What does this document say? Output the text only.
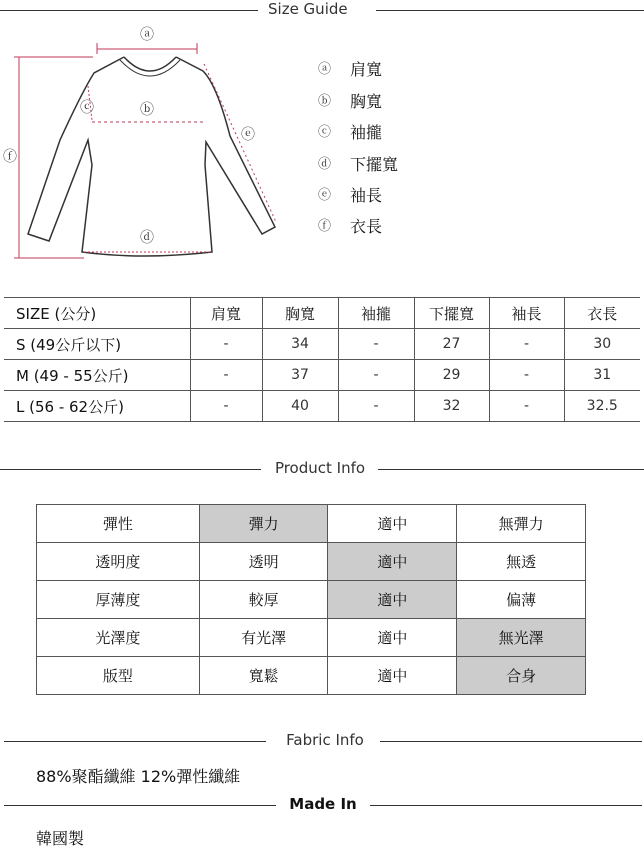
Size Guide
ⓐ
ⓑ
ⓒ
ⓓ
ⓔ
ⓕ
ⓐ 肩寬
ⓑ 胸寬
ⓒ 袖攏
ⓓ 下擺寬
ⓔ 袖長
ⓕ 衣長
SIZE (公分)	肩寬	胸寬	袖攏	下擺寬	袖長	衣長
S (49公斤以下)	-	34	-	27	-	30
M (49 - 55公斤)	-	37	-	29	-	31
L (56 - 62公斤)	-	40	-	32	-	32.5
Product Info
彈性	彈力	適中	無彈力
透明度	透明	適中	無透
厚薄度	較厚	適中	偏薄
光澤度	有光澤	適中	無光澤
版型	寬鬆	適中	合身
Fabric Info
88%聚酯纖維 12%彈性纖維
Made In
韓國製
